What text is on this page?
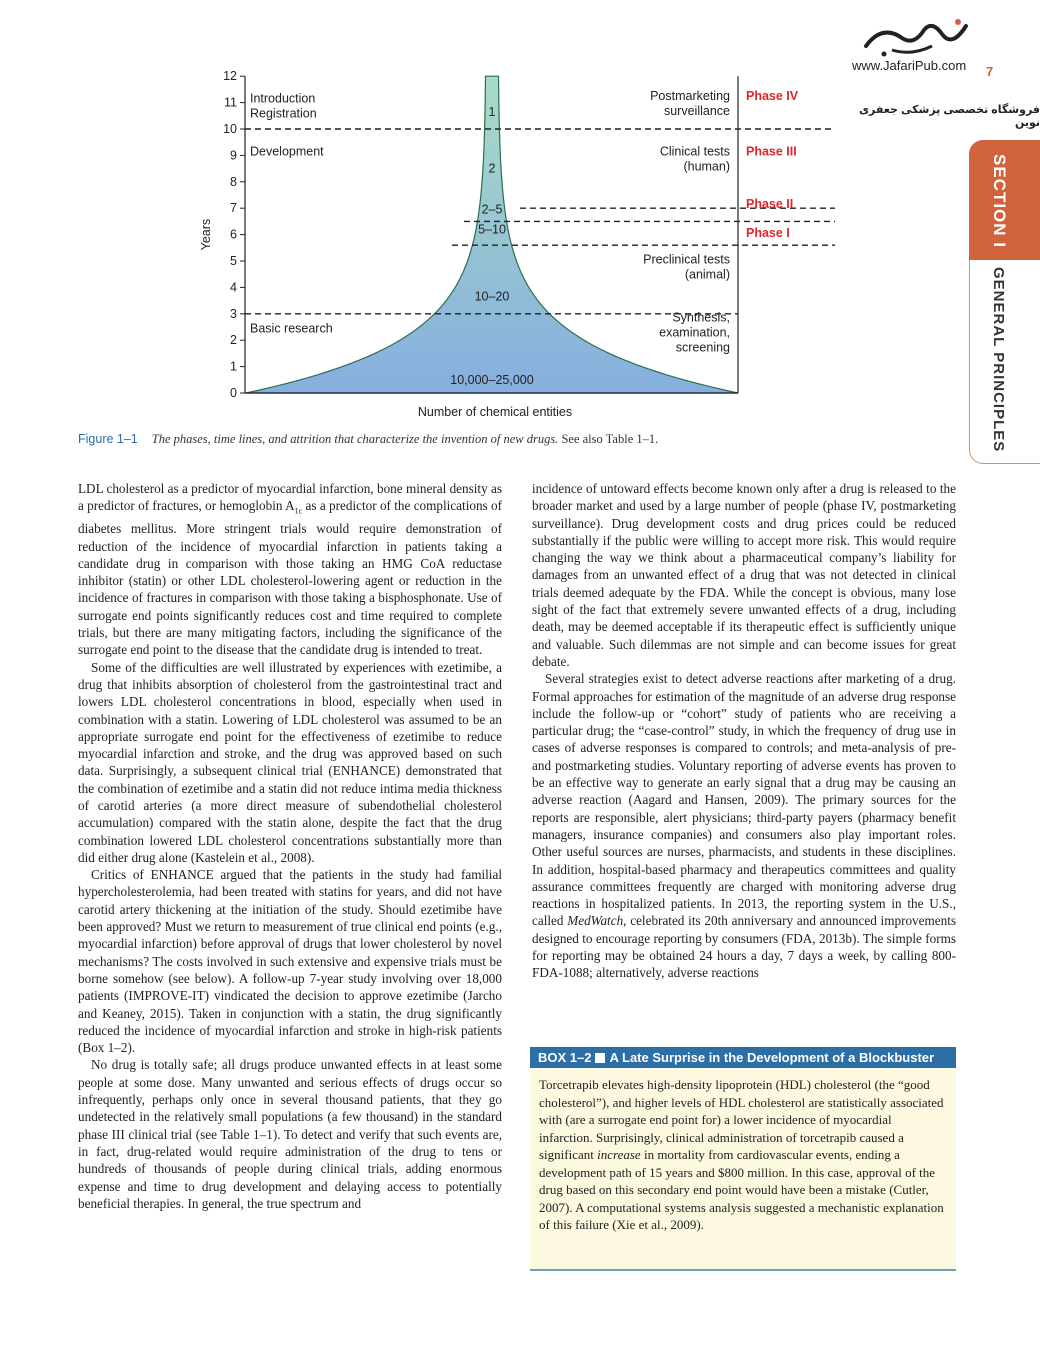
www.JafariPub.com 7
فروشگاه تخصصی پزشکی جعفری نوین
SECTION I
GENERAL PRINCIPLES
0
1
2
3
4
5
6
7
8
9
10
11
12
Years
Number of chemical entities
Introduction
Registration
Development
Basic research
Postmarketing
surveillance
Clinical tests
(human)
Preclinical tests
(animal)
Synthesis,
examination,
screening
Phase IV
Phase III
Phase II
Phase I
1
2
2–5
5–10
10–20
10,000–25,000
Figure 1–1 The phases, time lines, and attrition that characterize the invention of new drugs. See also Table 1–1.

LDL cholesterol as a predictor of myocardial infarction, bone mineral density as a predictor of fractures, or hemoglobin $A_{1c}$ as a predictor of the complications of diabetes mellitus. More stringent trials would require demonstration of reduction of the incidence of myocardial infarction in patients taking a candidate drug in comparison with those taking an HMG CoA reductase inhibitor (statin) or other LDL cholesterol-lowering agent or reduction in the incidence of fractures in comparison with those taking a bisphosphonate. Use of surrogate end points significantly reduces cost and time required to complete trials, but there are many mitigating factors, including the significance of the surrogate end point to the disease that the candidate drug is intended to treat.

Some of the difficulties are well illustrated by experiences with ezetimibe, a drug that inhibits absorption of cholesterol from the gastrointestinal tract and lowers LDL cholesterol concentrations in blood, especially when used in combination with a statin. Lowering of LDL cholesterol was assumed to be an appropriate surrogate end point for the effectiveness of ezetimibe to reduce myocardial infarction and stroke, and the drug was approved based on such data. Surprisingly, a subsequent clinical trial (ENHANCE) demonstrated that the combination of ezetimibe and a statin did not reduce intima media thickness of carotid arteries (a more direct measure of subendothelial cholesterol accumulation) compared with the statin alone, despite the fact that the drug combination lowered LDL cholesterol concentrations substantially more than did either drug alone (Kastelein et al., 2008).

Critics of ENHANCE argued that the patients in the study had familial hypercholesterolemia, had been treated with statins for years, and did not have carotid artery thickening at the initiation of the study. Should ezetimibe have been approved? Must we return to measurement of true clinical end points (e.g., myocardial infarction) before approval of drugs that lower cholesterol by novel mechanisms? The costs involved in such extensive and expensive trials must be borne somehow (see below). A follow-up 7-year study involving over 18,000 patients (IMPROVE-IT) vindicated the decision to approve ezetimibe (Jarcho and Keaney, 2015). Taken in conjunction with a statin, the drug significantly reduced the incidence of myocardial infarction and stroke in high-risk patients (Box 1–2).

No drug is totally safe; all drugs produce unwanted effects in at least some people at some dose. Many unwanted and serious effects of drugs occur so infrequently, perhaps only once in several thousand patients, that they go undetected in the relatively small populations (a few thousand) in the standard phase III clinical trial (see Table 1–1). To detect and verify that such events are, in fact, drug-related would require administration of the drug to tens or hundreds of thousands of people during clinical trials, adding enormous expense and time to drug development and delaying access to potentially beneficial therapies. In general, the true spectrum and

incidence of untoward effects become known only after a drug is released to the broader market and used by a large number of people (phase IV, postmarketing surveillance). Drug development costs and drug prices could be reduced substantially if the public were willing to accept more risk. This would require changing the way we think about a pharmaceutical company’s liability for damages from an unwanted effect of a drug that was not detected in clinical trials deemed adequate by the FDA. While the concept is obvious, many lose sight of the fact that extremely severe unwanted effects of a drug, including death, may be deemed acceptable if its therapeutic effect is sufficiently unique and valuable. Such dilemmas are not simple and can become issues for great debate.

Several strategies exist to detect adverse reactions after marketing of a drug. Formal approaches for estimation of the magnitude of an adverse drug response include the follow-up or “cohort” study of patients who are receiving a particular drug; the “case-control” study, in which the frequency of drug use in cases of adverse responses is compared to controls; and meta-analysis of pre- and postmarketing studies. Voluntary reporting of adverse events has proven to be an effective way to generate an early signal that a drug may be causing an adverse reaction (Aagard and Hansen, 2009). The primary sources for the reports are responsible, alert physicians; third-party payers (pharmacy benefit managers, insurance companies) and consumers also play important roles. Other useful sources are nurses, pharmacists, and students in these disciplines. In addition, hospital-based pharmacy and therapeutics committees and quality assurance committees frequently are charged with monitoring adverse drug reactions in hospitalized patients. In 2013, the reporting system in the U.S., called MedWatch, celebrated its 20th anniversary and announced improvements designed to encourage reporting by consumers (FDA, 2013b). The simple forms for reporting may be obtained 24 hours a day, 7 days a week, by calling 800-FDA-1088; alternatively, adverse reactions

BOX 1–2 A Late Surprise in the Development of a Blockbuster

Torcetrapib elevates high-density lipoprotein (HDL) cholesterol (the “good cholesterol”), and higher levels of HDL cholesterol are statistically associated with (are a surrogate end point for) a lower incidence of myocardial infarction. Surprisingly, clinical administration of torcetrapib caused a significant increase in mortality from cardiovascular events, ending a development path of 15 years and $800 million. In this case, approval of the drug based on this secondary end point would have been a mistake (Cutler, 2007). A computational systems analysis suggested a mechanistic explanation of this failure (Xie et al., 2009).
